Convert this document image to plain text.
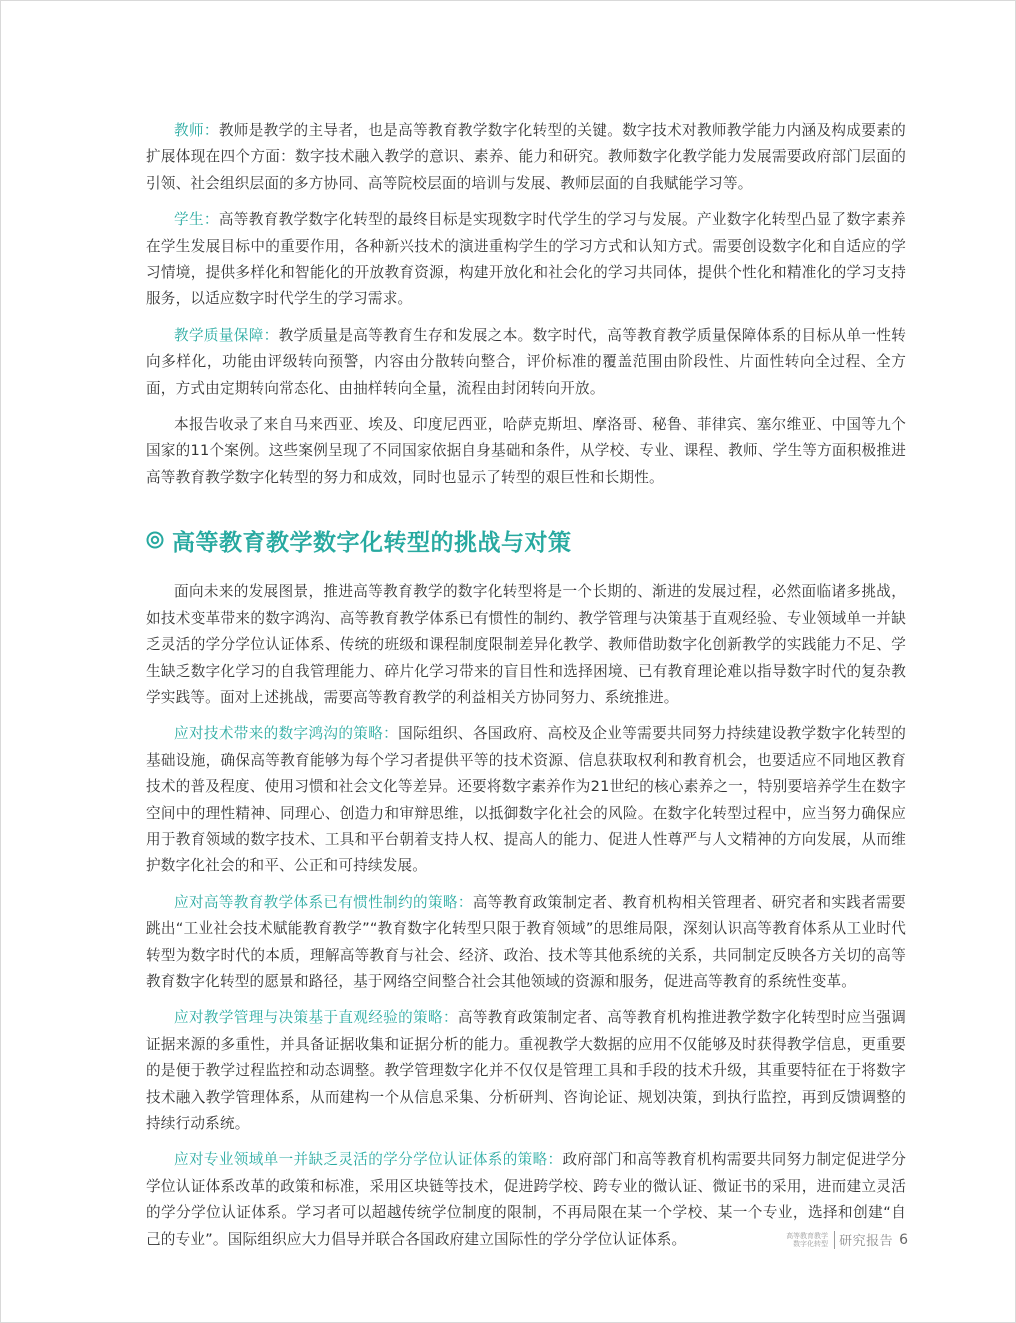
教师：教师是教学的主导者，也是高等教育教学数字化转型的关键。数字技术对教师教学能力内涵及构成要素的扩展体现在四个方面：数字技术融入教学的意识、素养、能力和研究。教师数字化教学能力发展需要政府部门层面的引领、社会组织层面的多方协同、高等院校层面的培训与发展、教师层面的自我赋能学习等。

学生：高等教育教学数字化转型的最终目标是实现数字时代学生的学习与发展。产业数字化转型凸显了数字素养在学生发展目标中的重要作用，各种新兴技术的演进重构学生的学习方式和认知方式。需要创设数字化和自适应的学习情境，提供多样化和智能化的开放教育资源，构建开放化和社会化的学习共同体，提供个性化和精准化的学习支持服务，以适应数字时代学生的学习需求。

教学质量保障：教学质量是高等教育生存和发展之本。数字时代，高等教育教学质量保障体系的目标从单一性转向多样化，功能由评级转向预警，内容由分散转向整合，评价标准的覆盖范围由阶段性、片面性转向全过程、全方面，方式由定期转向常态化、由抽样转向全量，流程由封闭转向开放。

本报告收录了来自马来西亚、埃及、印度尼西亚，哈萨克斯坦、摩洛哥、秘鲁、菲律宾、塞尔维亚、中国等九个国家的11个案例。这些案例呈现了不同国家依据自身基础和条件，从学校、专业、课程、教师、学生等方面积极推进高等教育教学数字化转型的努力和成效，同时也显示了转型的艰巨性和长期性。

高等教育教学数字化转型的挑战与对策

面向未来的发展图景，推进高等教育教学的数字化转型将是一个长期的、渐进的发展过程，必然面临诸多挑战，如技术变革带来的数字鸿沟、高等教育教学体系已有惯性的制约、教学管理与决策基于直观经验、专业领域单一并缺乏灵活的学分学位认证体系、传统的班级和课程制度限制差异化教学、教师借助数字化创新教学的实践能力不足、学生缺乏数字化学习的自我管理能力、碎片化学习带来的盲目性和选择困境、已有教育理论难以指导数字时代的复杂教学实践等。面对上述挑战，需要高等教育教学的利益相关方协同努力、系统推进。

应对技术带来的数字鸿沟的策略：国际组织、各国政府、高校及企业等需要共同努力持续建设教学数字化转型的基础设施，确保高等教育能够为每个学习者提供平等的技术资源、信息获取权利和教育机会，也要适应不同地区教育技术的普及程度、使用习惯和社会文化等差异。还要将数字素养作为21世纪的核心素养之一，特别要培养学生在数字空间中的理性精神、同理心、创造力和审辩思维，以抵御数字化社会的风险。在数字化转型过程中，应当努力确保应用于教育领域的数字技术、工具和平台朝着支持人权、提高人的能力、促进人性尊严与人文精神的方向发展，从而维护数字化社会的和平、公正和可持续发展。

应对高等教育教学体系已有惯性制约的策略：高等教育政策制定者、教育机构相关管理者、研究者和实践者需要跳出“工业社会技术赋能教育教学”“教育数字化转型只限于教育领域”的思维局限，深刻认识高等教育体系从工业时代转型为数字时代的本质，理解高等教育与社会、经济、政治、技术等其他系统的关系，共同制定反映各方关切的高等教育数字化转型的愿景和路径，基于网络空间整合社会其他领域的资源和服务，促进高等教育的系统性变革。

应对教学管理与决策基于直观经验的策略：高等教育政策制定者、高等教育机构推进教学数字化转型时应当强调证据来源的多重性，并具备证据收集和证据分析的能力。重视教学大数据的应用不仅能够及时获得教学信息，更重要的是便于教学过程监控和动态调整。教学管理数字化并不仅仅是管理工具和手段的技术升级，其重要特征在于将数字技术融入教学管理体系，从而建构一个从信息采集、分析研判、咨询论证、规划决策，到执行监控，再到反馈调整的持续行动系统。

应对专业领域单一并缺乏灵活的学分学位认证体系的策略：政府部门和高等教育机构需要共同努力制定促进学分学位认证体系改革的政策和标准，采用区块链等技术，促进跨学校、跨专业的微认证、微证书的采用，进而建立灵活的学分学位认证体系。学习者可以超越传统学位制度的限制，不再局限在某一个学校、某一个专业，选择和创建“自己的专业”。国际组织应大力倡导并联合各国政府建立国际性的学分学位认证体系。	高等教育教学
数字化转型 研究报告 6
